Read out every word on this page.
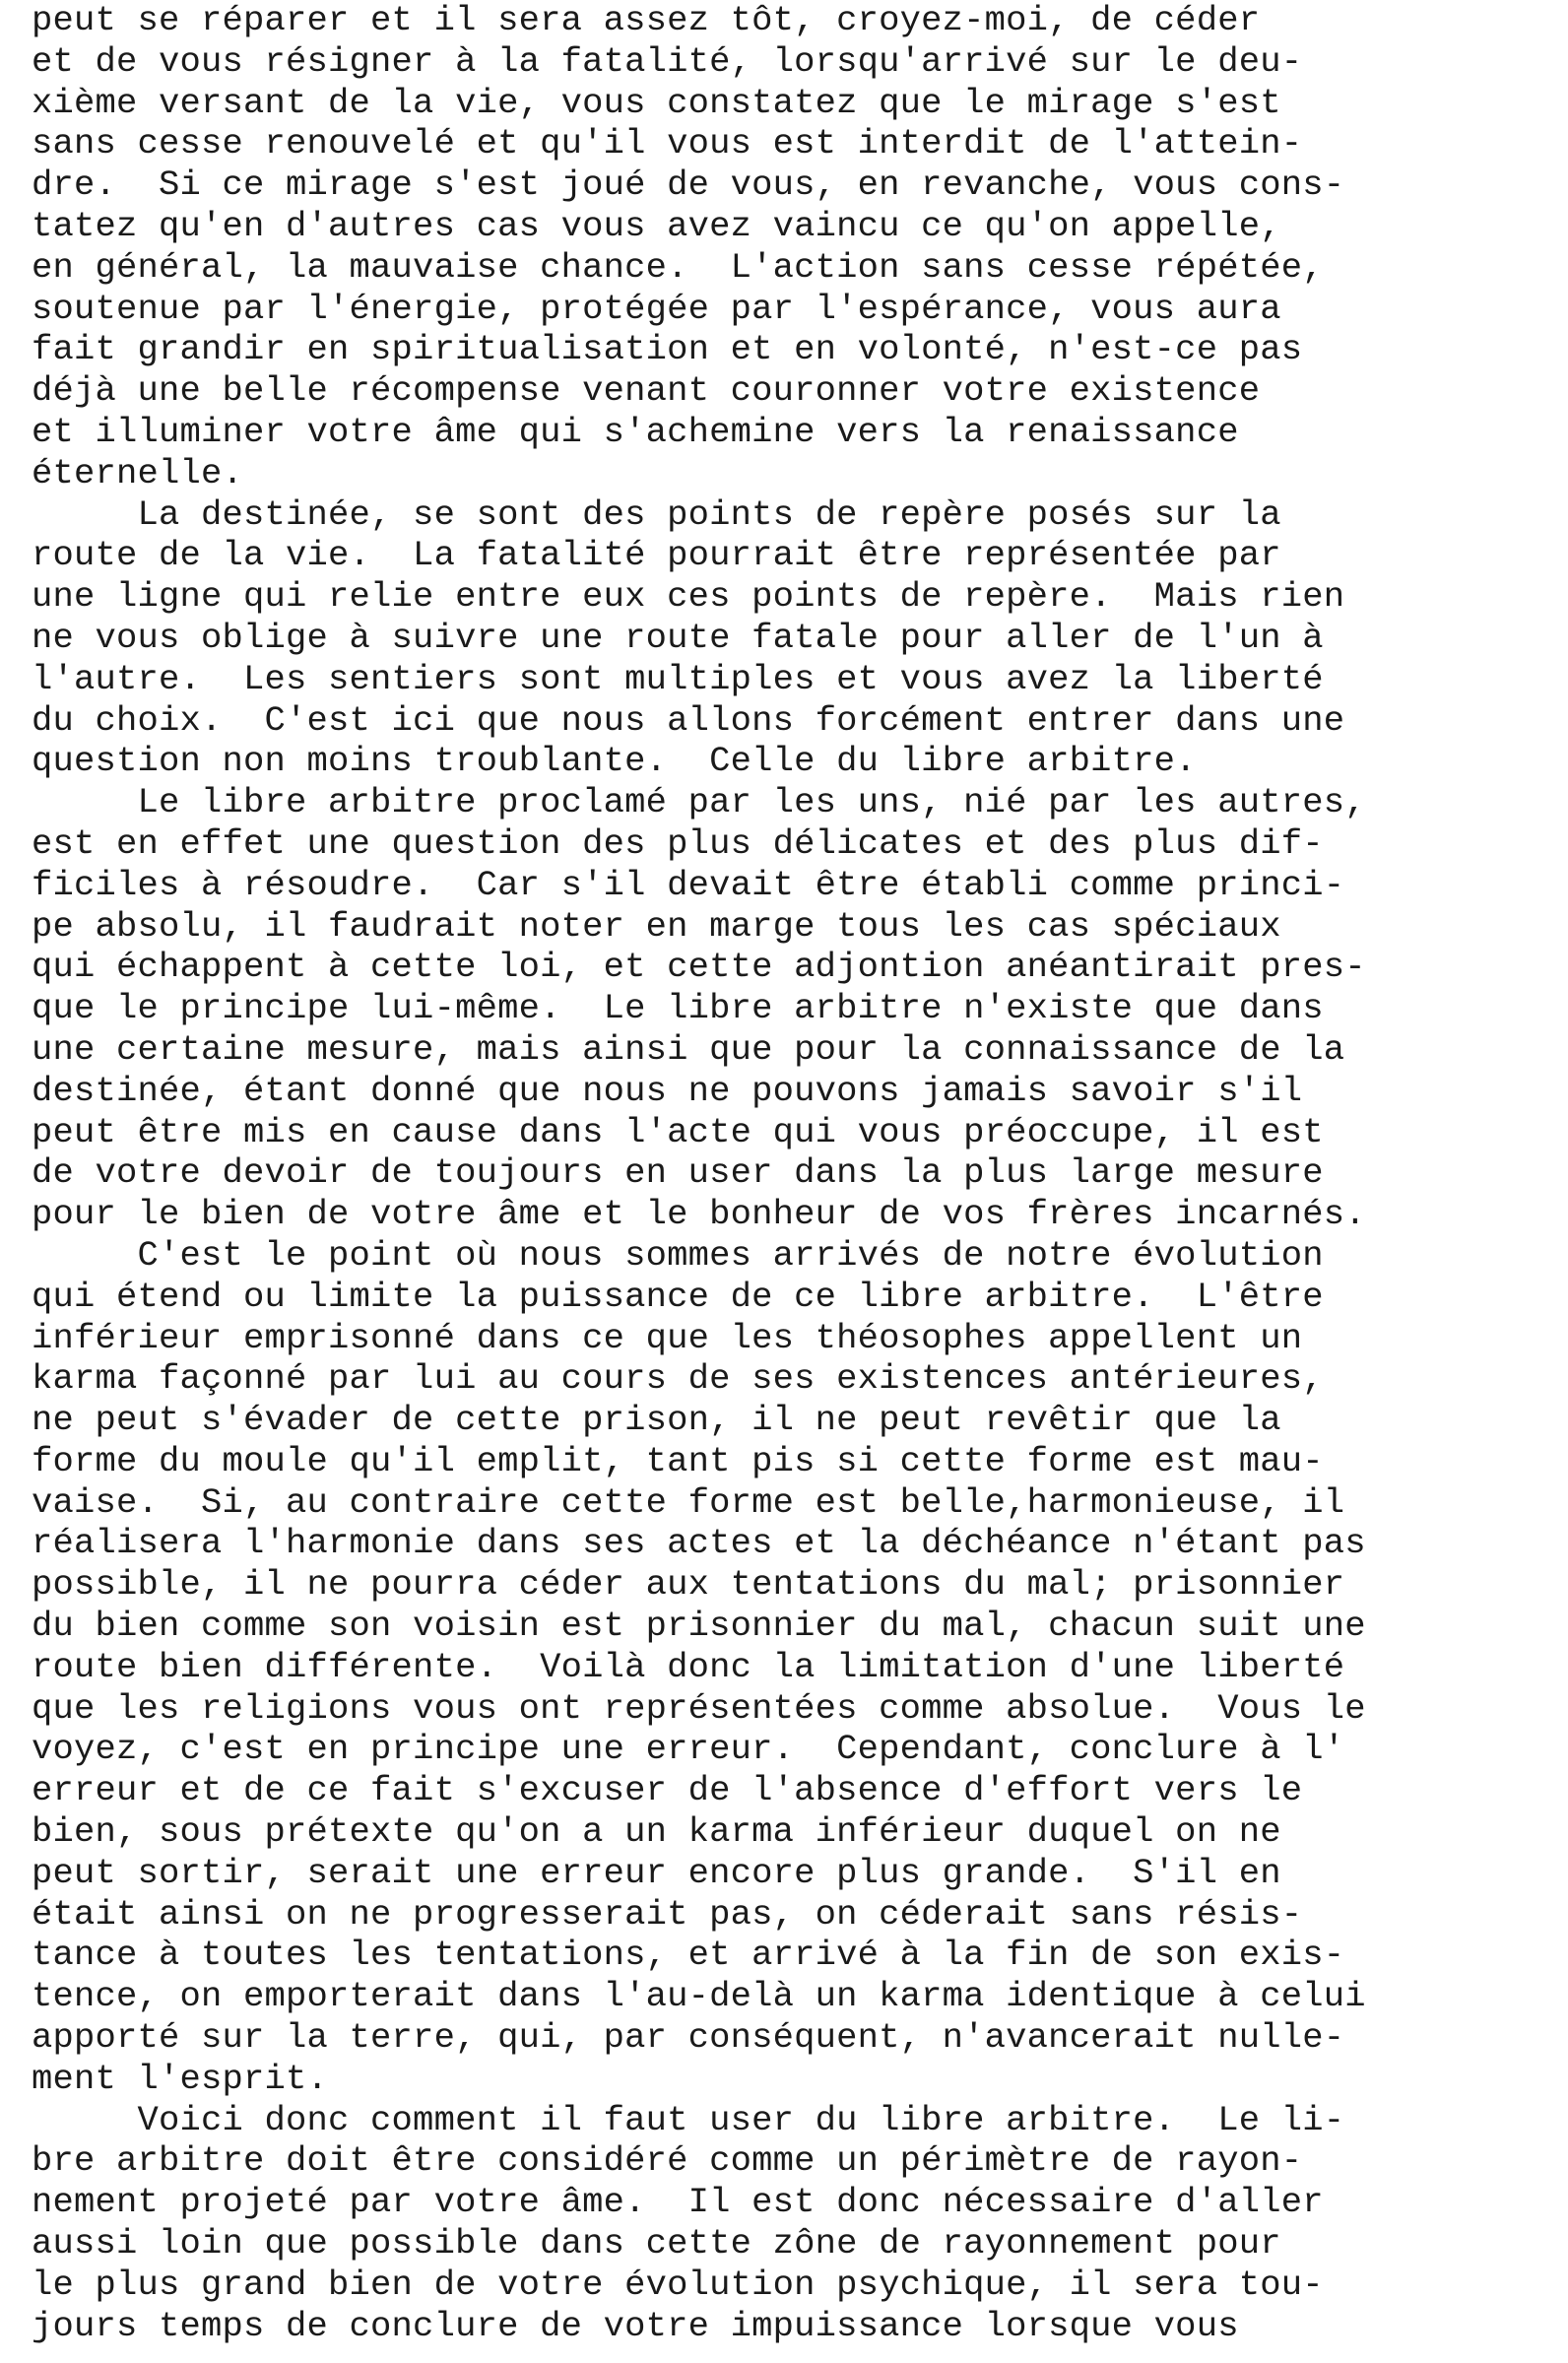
peut se réparer et il sera assez tôt, croyez-moi, de céder
et de vous résigner à la fatalité, lorsqu'arrivé sur le deu-
xième versant de la vie, vous constatez que le mirage s'est
sans cesse renouvelé et qu'il vous est interdit de l'attein-
dre.  Si ce mirage s'est joué de vous, en revanche, vous cons-
tatez qu'en d'autres cas vous avez vaincu ce qu'on appelle,
en général, la mauvaise chance.  L'action sans cesse répétée,
soutenue par l'énergie, protégée par l'espérance, vous aura
fait grandir en spiritualisation et en volonté, n'est-ce pas
déjà une belle récompense venant couronner votre existence
et illuminer votre âme qui s'achemine vers la renaissance
éternelle.
La destinée, se sont des points de repère posés sur la
route de la vie.  La fatalité pourrait être représentée par
une ligne qui relie entre eux ces points de repère.  Mais rien
ne vous oblige à suivre une route fatale pour aller de l'un à
l'autre.  Les sentiers sont multiples et vous avez la liberté
du choix.  C'est ici que nous allons forcément entrer dans une
question non moins troublante.  Celle du libre arbitre.
Le libre arbitre proclamé par les uns, nié par les autres,
est en effet une question des plus délicates et des plus dif-
ficiles à résoudre.  Car s'il devait être établi comme princi-
pe absolu, il faudrait noter en marge tous les cas spéciaux
qui échappent à cette loi, et cette adjontion anéantirait pres-
que le principe lui-même.  Le libre arbitre n'existe que dans
une certaine mesure, mais ainsi que pour la connaissance de la
destinée, étant donné que nous ne pouvons jamais savoir s'il
peut être mis en cause dans l'acte qui vous préoccupe, il est
de votre devoir de toujours en user dans la plus large mesure
pour le bien de votre âme et le bonheur de vos frères incarnés.
C'est le point où nous sommes arrivés de notre évolution
qui étend ou limite la puissance de ce libre arbitre.  L'être
inférieur emprisonné dans ce que les théosophes appellent un
karma façonné par lui au cours de ses existences antérieures,
ne peut s'évader de cette prison, il ne peut revêtir que la
forme du moule qu'il emplit, tant pis si cette forme est mau-
vaise.  Si, au contraire cette forme est belle,harmonieuse, il
réalisera l'harmonie dans ses actes et la déchéance n'étant pas
possible, il ne pourra céder aux tentations du mal; prisonnier
du bien comme son voisin est prisonnier du mal, chacun suit une
route bien différente.  Voilà donc la limitation d'une liberté
que les religions vous ont représentées comme absolue.  Vous le
voyez, c'est en principe une erreur.  Cependant, conclure à l'
erreur et de ce fait s'excuser de l'absence d'effort vers le
bien, sous prétexte qu'on a un karma inférieur duquel on ne
peut sortir, serait une erreur encore plus grande.  S'il en
était ainsi on ne progresserait pas, on céderait sans résis-
tance à toutes les tentations, et arrivé à la fin de son exis-
tence, on emporterait dans l'au-delà un karma identique à celui
apporté sur la terre, qui, par conséquent, n'avancerait nulle-
ment l'esprit.
Voici donc comment il faut user du libre arbitre.  Le li-
bre arbitre doit être considéré comme un périmètre de rayon-
nement projeté par votre âme.  Il est donc nécessaire d'aller
aussi loin que possible dans cette zône de rayonnement pour
le plus grand bien de votre évolution psychique, il sera tou-
jours temps de conclure de votre impuissance lorsque vous
